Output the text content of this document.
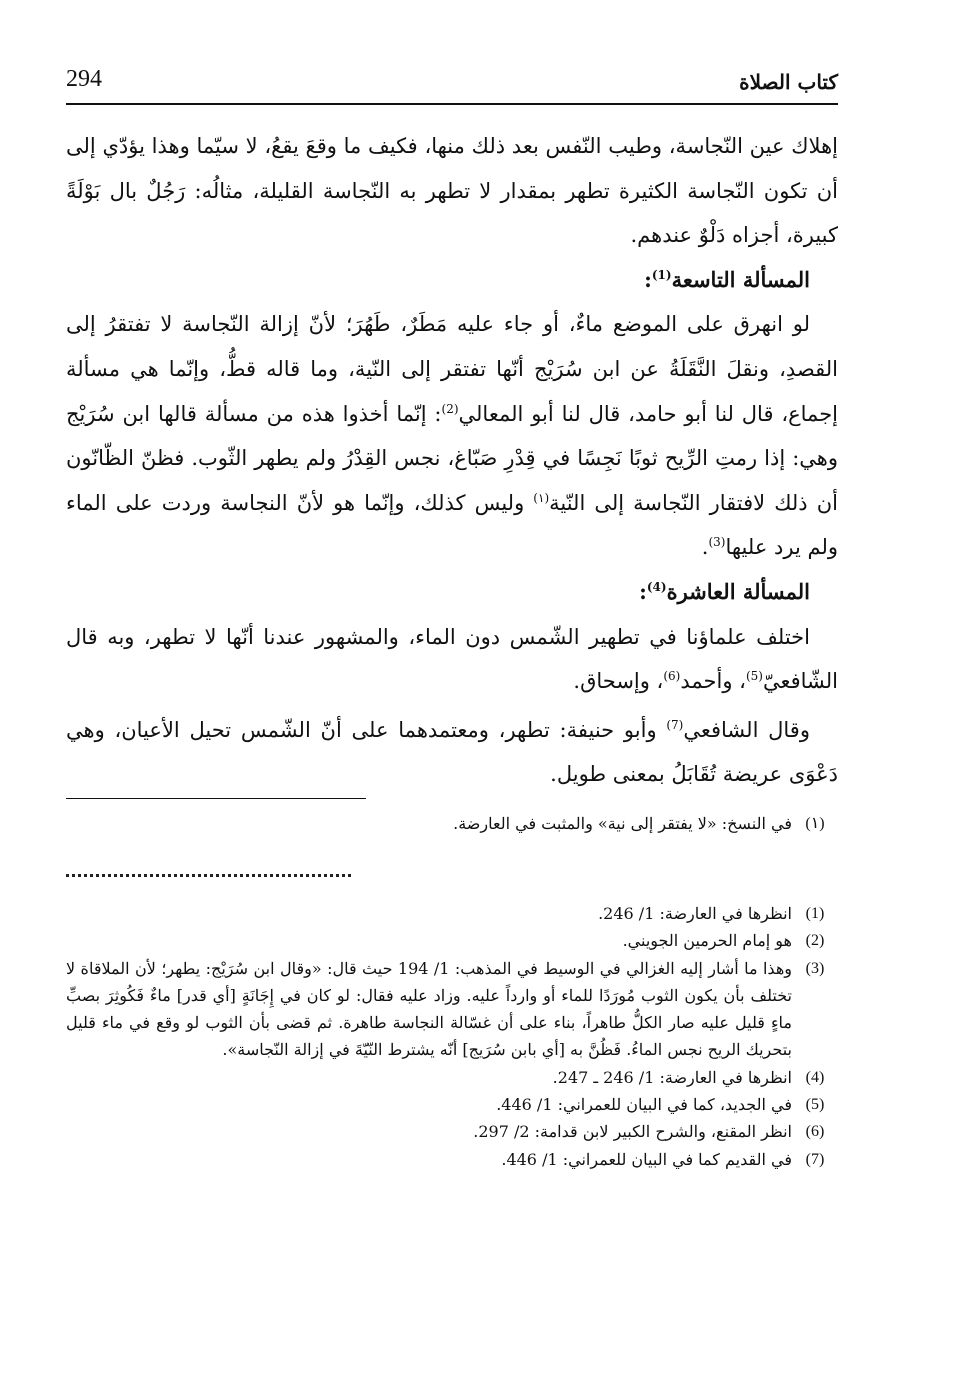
كتاب الصلاة
294

إهلاك عين النّجاسة، وطيب النّفس بعد ذلك منها، فكيف ما وقعَ يقعُ، لا سيّما وهذا يؤدّي إلى أن تكون النّجاسة الكثيرة تطهر بمقدار لا تطهر به النّجاسة القليلة، مثالُه: رَجُلٌ بال بَوْلَةً كبيرة، أجزاه دَلْوٌ عندهم.

المسألة التاسعة$^{(1)}$:

لو انهرق على الموضع ماءٌ، أو جاء عليه مَطَرٌ، طَهُرَ؛ لأنّ إزالة النّجاسة لا تفتقرُ إلى القصدِ، ونقلَ النَّقَلَةُ عن ابن سُرَيْج أنّها تفتقر إلى النّية، وما قاله قطُّ، وإنّما هي مسألة إجماع، قال لنا أبو حامد، قال لنا أبو المعالي$^{(2)}$: إنّما أخذوا هذه من مسألة قالها ابن سُرَيْج وهي: إذا رمتِ الرِّيح ثوبًا نَجِسًا في قِدْرِ صَبّاغ، نجس القِدْرُ ولم يطهر الثّوب. فظنّ الظّانّون أن ذلك لافتقار النّجاسة إلى النّية$^{(١)}$ وليس كذلك، وإنّما هو لأنّ النجاسة وردت على الماء ولم يرد عليها$^{(3)}$.

المسألة العاشرة$^{(4)}$:

اختلف علماؤنا في تطهير الشّمس دون الماء، والمشهور عندنا أنّها لا تطهر، وبه قال الشّافعيّ$^{(5)}$، وأحمد$^{(6)}$، وإسحاق.

وقال الشافعي$^{(7)}$ وأبو حنيفة: تطهر، ومعتمدهما على أنّ الشّمس تحيل الأعيان، وهي دَعْوَى عريضة تُقَابَلُ بمعنى طويل.

(١)
في النسخ: «لا يفتقر إلى نية» والمثبت في العارضة.
(1)
انظرها في العارضة: 1/ 246.
(2)
هو إمام الحرمين الجويني.
(3)
وهذا ما أشار إليه الغزالي في الوسيط في المذهب: 1/ 194 حيث قال: «وقال ابن سُرَيْج: يطهر؛ لأن الملاقاة لا تختلف بأن يكون الثوب مُورَدًا للماء أو وارداً عليه. وزاد عليه فقال: لو كان في إِجَانَةٍ [أي قدر] ماءٌ فَكُوثِرَ بصبِّ ماءٍ قليل عليه صار الكلُّ طاهراً، بناء على أن غسّالة النجاسة طاهرة. ثم قضى بأن الثوب لو وقع في ماء قليل بتحريك الريح نجس الماءُ. فَظُنَّ به [أي بابن سُرَيج] أنّه يشترط النّيّةَ في إزالة النّجاسة».
(4)
انظرها في العارضة: 1/ 246 ـ 247.
(5)
في الجديد، كما في البيان للعمراني: 1/ 446.
(6)
انظر المقنع، والشرح الكبير لابن قدامة: 2/ 297.
(7)
في القديم كما في البيان للعمراني: 1/ 446.
